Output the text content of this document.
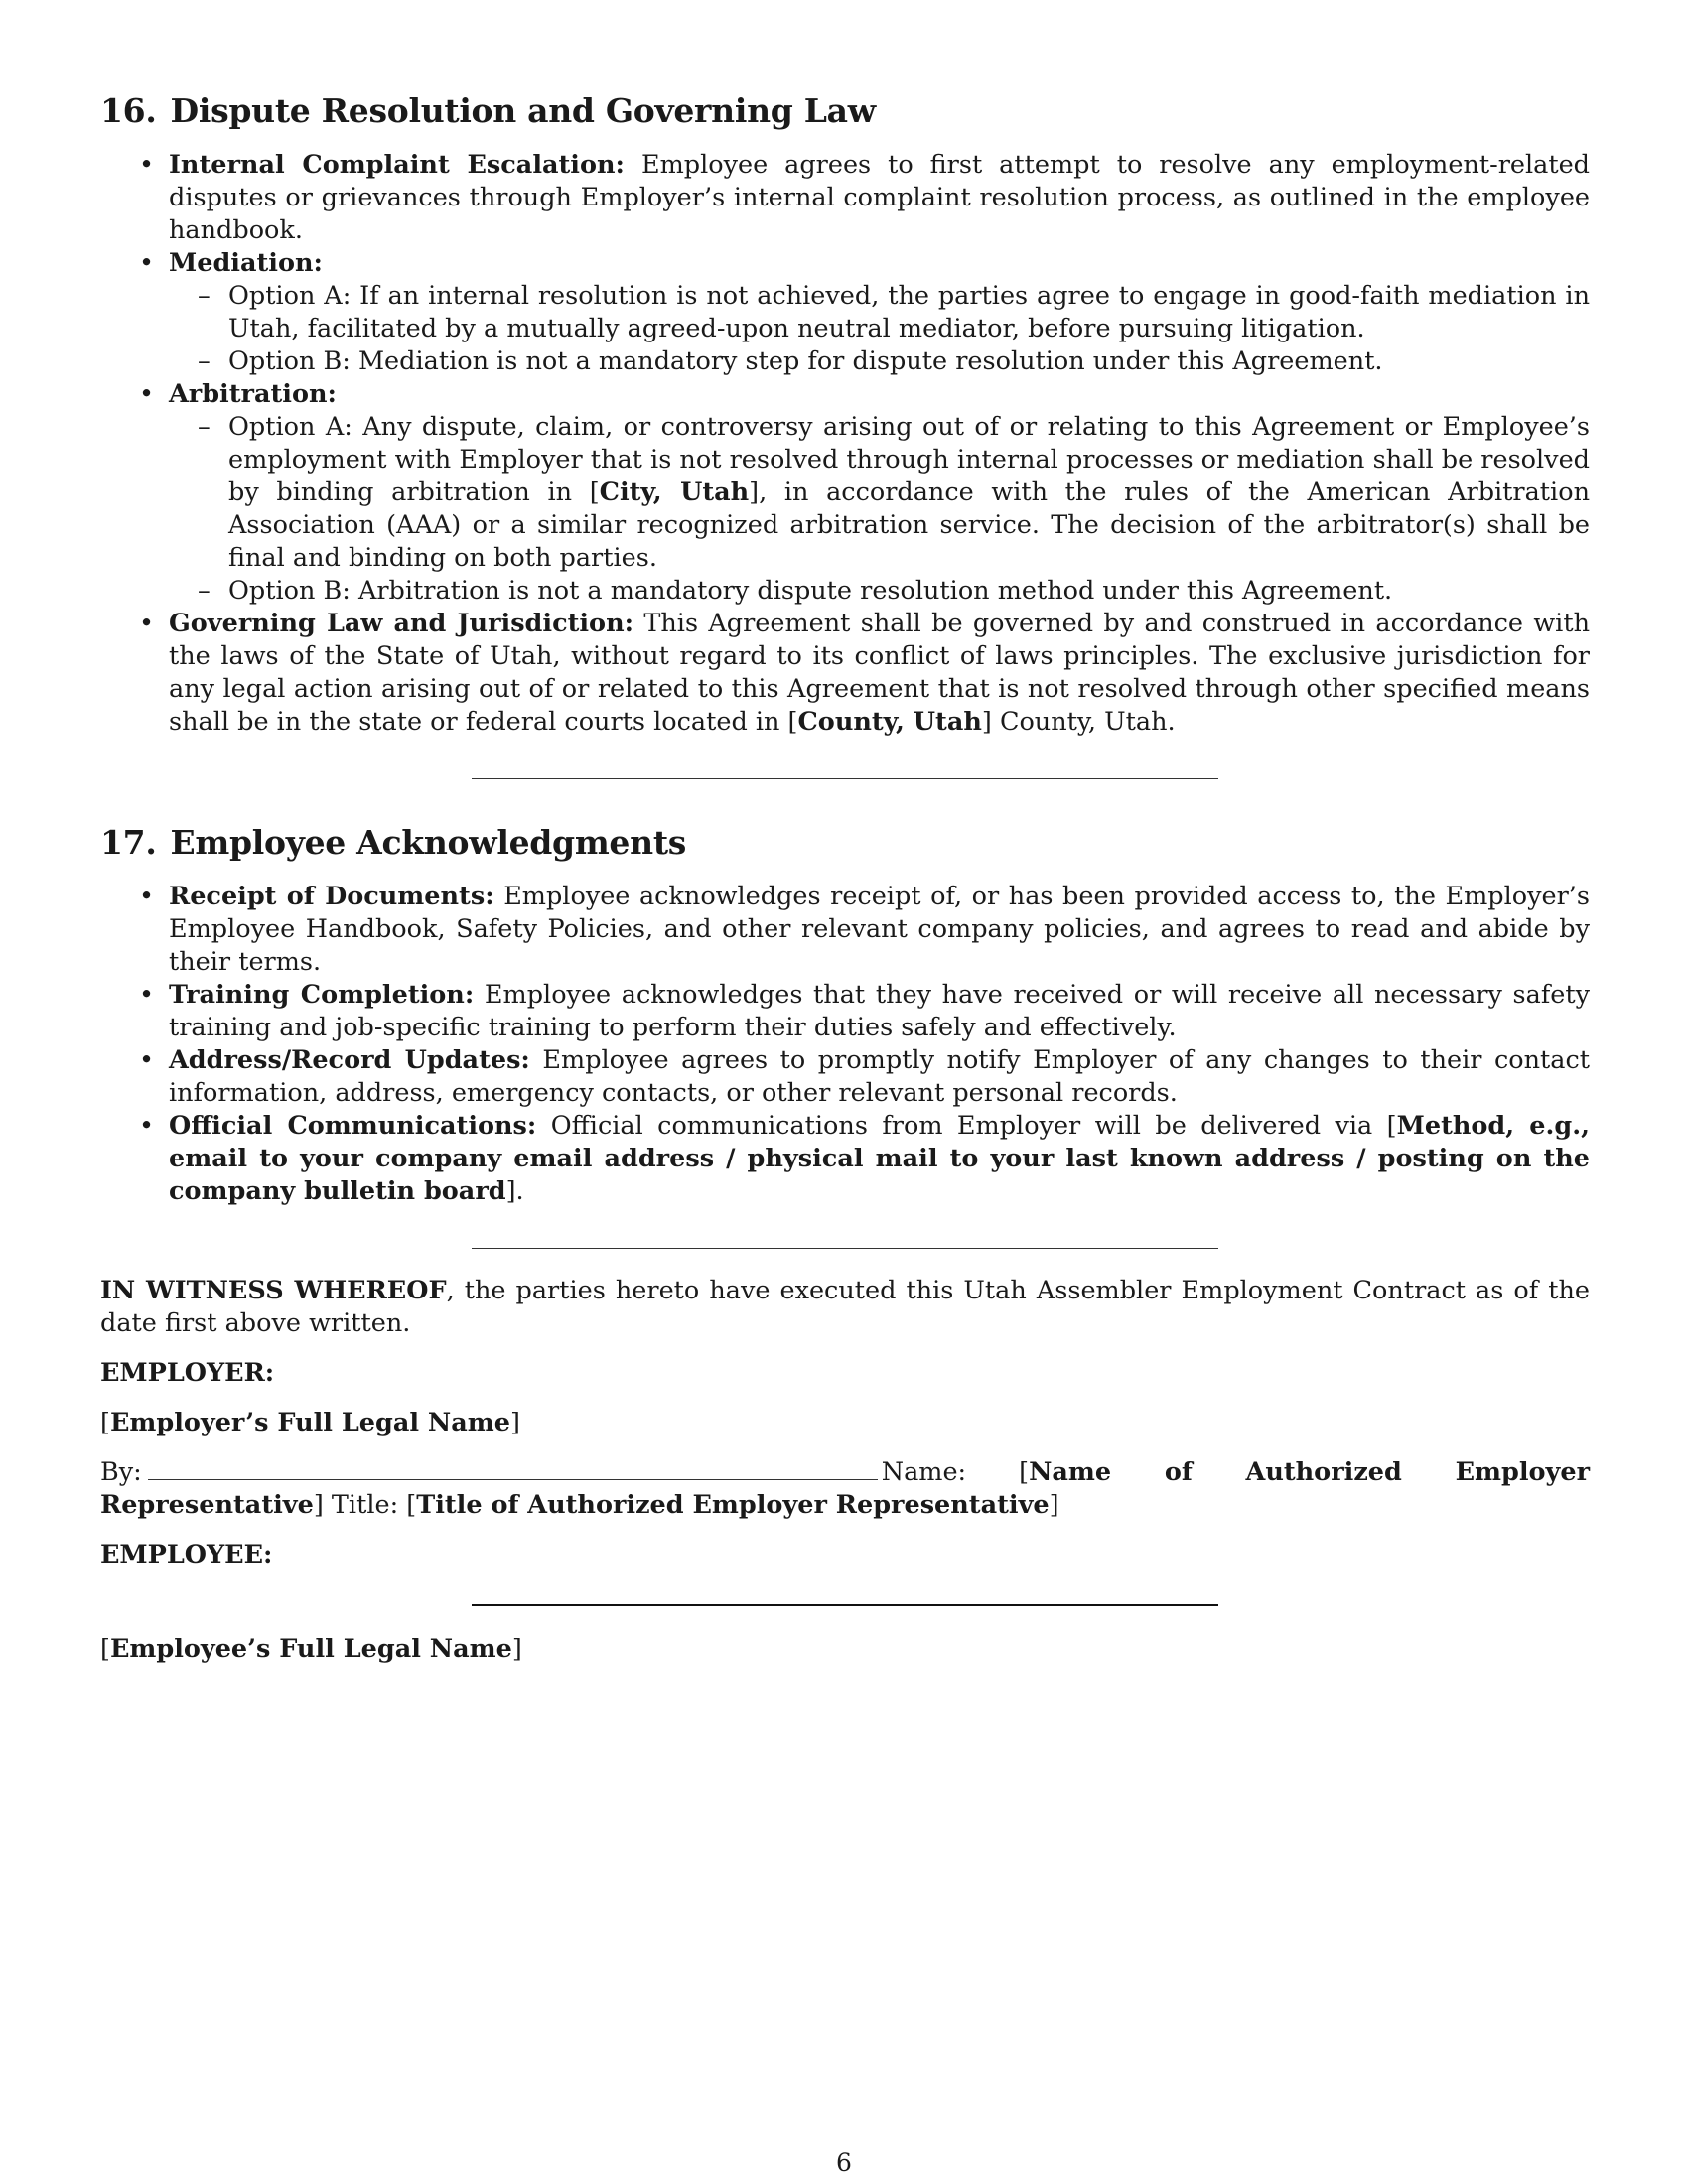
16. Dispute Resolution and Governing Law
• Internal Complaint Escalation: Employee agrees to first attempt to resolve any employment-related disputes or grievances through Employer’s internal complaint resolution process, as outlined in the employee handbook.
• Mediation:
– Option A: If an internal resolution is not achieved, the parties agree to engage in good-faith mediation in Utah, facilitated by a mutually agreed-upon neutral mediator, before pursuing litigation.
– Option B: Mediation is not a mandatory step for dispute resolution under this Agreement.
• Arbitration:
– Option A: Any dispute, claim, or controversy arising out of or relating to this Agreement or Employee’s employment with Employer that is not resolved through internal processes or mediation shall be resolved by binding arbitration in [City, Utah], in accordance with the rules of the American Arbitration Association (AAA) or a similar recognized arbitration service. The decision of the arbitrator(s) shall be final and binding on both parties.
– Option B: Arbitration is not a mandatory dispute resolution method under this Agreement.
• Governing Law and Jurisdiction: This Agreement shall be governed by and construed in accordance with the laws of the State of Utah, without regard to its conflict of laws principles. The exclusive jurisdiction for any legal action arising out of or related to this Agreement that is not resolved through other specified means shall be in the state or federal courts located in [County, Utah] County, Utah.
17. Employee Acknowledgments
• Receipt of Documents: Employee acknowledges receipt of, or has been provided access to, the Employer’s Employee Handbook, Safety Policies, and other relevant company policies, and agrees to read and abide by their terms.
• Training Completion: Employee acknowledges that they have received or will receive all necessary safety training and job-specific training to perform their duties safely and effectively.
• Address/Record Updates: Employee agrees to promptly notify Employer of any changes to their contact information, address, emergency contacts, or other relevant personal records.
• Official Communications: Official communications from Employer will be delivered via [Method, e.g., email to your company email address / physical mail to your last known address / posting on the company bulletin board].

IN WITNESS WHEREOF, the parties hereto have executed this Utah Assembler Employment Contract as of the date first above written.

EMPLOYER:

[Employer’s Full Legal Name]

By:	Name: [Name of Authorized Employer Representative] Title: [Title of Authorized Employer Representative]

EMPLOYEE:

[Employee’s Full Legal Name]

6
